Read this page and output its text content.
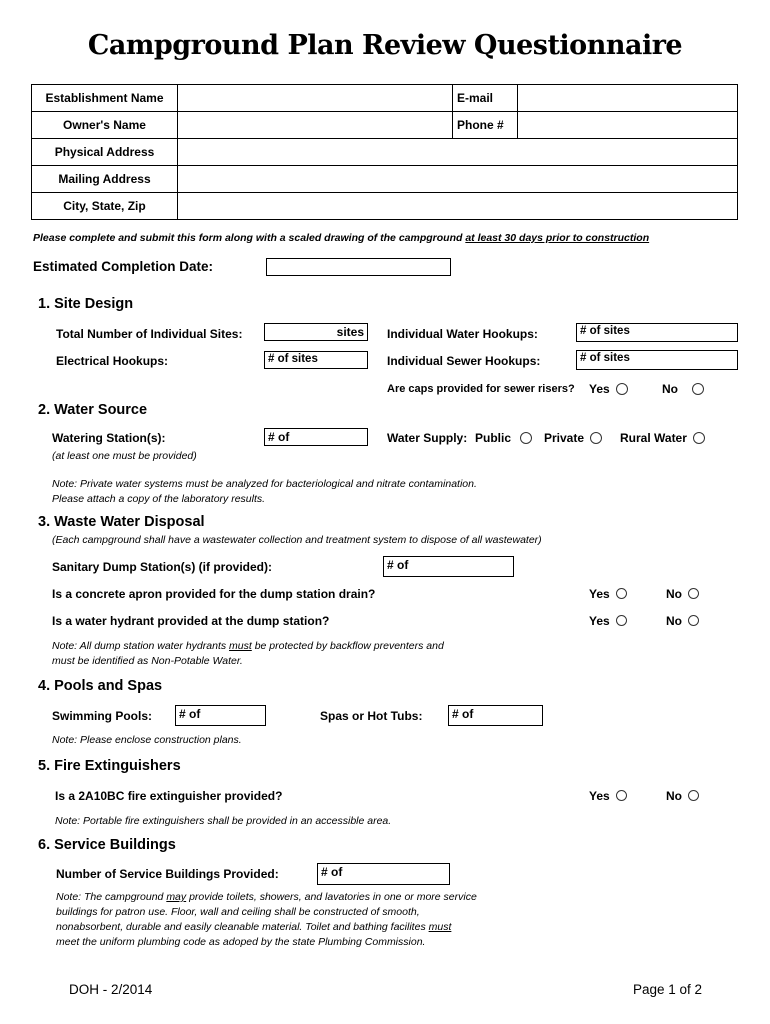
Campground Plan Review Questionnaire
Establishment Name		E-mail	
Owner's Name		Phone #	
Physical Address			
Mailing Address			
City, State, Zip			
Please complete and submit this form along with a scaled drawing of the campground at least 30 days prior to construction
Estimated Completion Date:
1. Site Design
Total Number of Individual Sites:	sites	Individual Water Hookups:	# of sites
Electrical Hookups:	# of sites	Individual Sewer Hookups:	# of sites
Are caps provided for sewer risers? Yes	No
2. Water Source
Watering Station(s):	# of
(at least one must be provided)
Water Supply: Public	Private	Rural Water
Note: Private water systems must be analyzed for bacteriological and nitrate contamination.
Please attach a copy of the laboratory results.
3. Waste Water Disposal
(Each campground shall have a wastewater collection and treatment system to dispose of all wastewater)
Sanitary Dump Station(s) (if provided):	# of
Is a concrete apron provided for the dump station drain?	Yes	No
Is a water hydrant provided at the dump station?	Yes	No
Note: All dump station water hydrants must be protected by backflow preventers and
must be identified as Non-Potable Water.
4. Pools and Spas
Swimming Pools:	# of	Spas or Hot Tubs:	# of
Note: Please enclose construction plans.
5. Fire Extinguishers
Is a 2A10BC fire extinguisher provided?	Yes	No
Note: Portable fire extinguishers shall be provided in an accessible area.
6. Service Buildings
Number of Service Buildings Provided:	# of
Note: The campground may provide toilets, showers, and lavatories in one or more service
buildings for patron use. Floor, wall and ceiling shall be constructed of smooth,
nonabsorbent, durable and easily cleanable material. Toilet and bathing facilites must
meet the uniform plumbing code as adoped by the state Plumbing Commission.
DOH - 2/2014	Page 1 of 2
